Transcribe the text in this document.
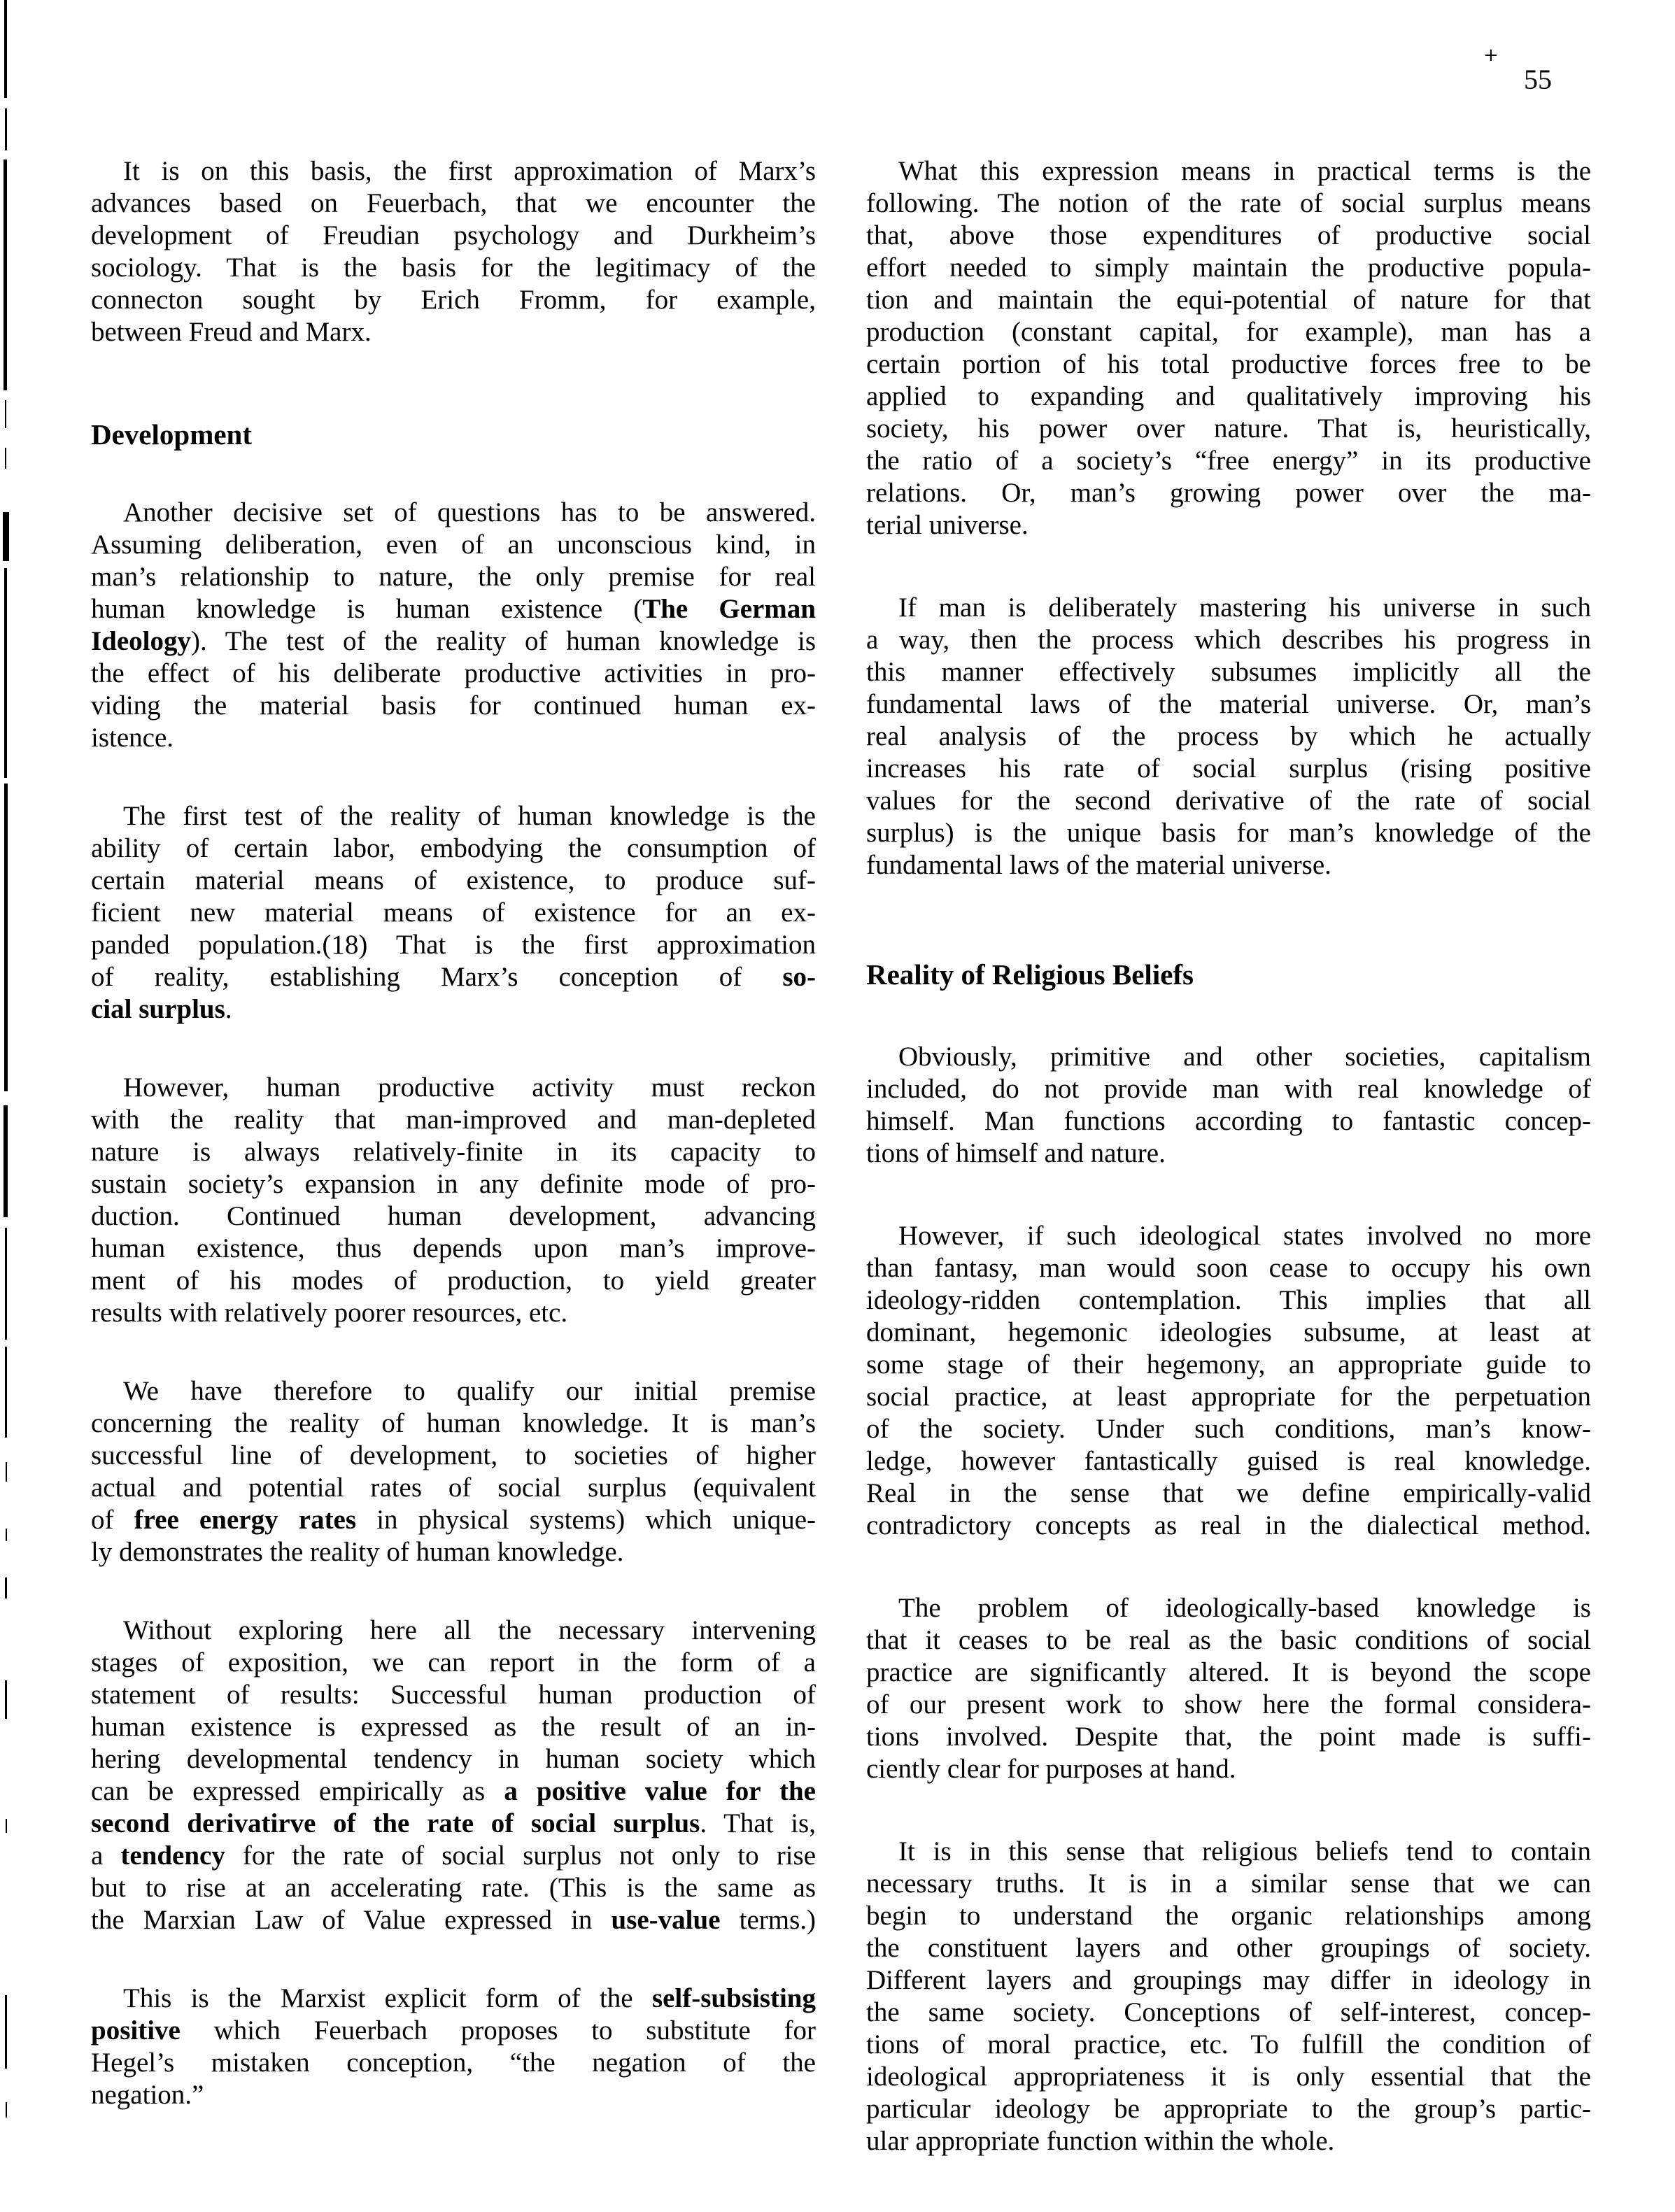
55
+
It is on this basis, the first approximation of Marx’s
advances based on Feuerbach, that we encounter the
development of Freudian psychology and Durkheim’s
sociology. That is the basis for the legitimacy of the
connecton sought by Erich Fromm, for example,
between Freud and Marx.
Development
Another decisive set of questions has to be answered.
Assuming deliberation, even of an unconscious kind, in
man’s relationship to nature, the only premise for real
human knowledge is human existence (The German
Ideology). The test of the reality of human knowledge is
the effect of his deliberate productive activities in pro-
viding the material basis for continued human ex-
istence.
The first test of the reality of human knowledge is the
ability of certain labor, embodying the consumption of
certain material means of existence, to produce suf-
ficient new material means of existence for an ex-
panded population.(18) That is the first approximation
of reality, establishing Marx’s conception of so-
cial surplus.
However, human productive activity must reckon
with the reality that man-improved and man-depleted
nature is always relatively-finite in its capacity to
sustain society’s expansion in any definite mode of pro-
duction. Continued human development, advancing
human existence, thus depends upon man’s improve-
ment of his modes of production, to yield greater
results with relatively poorer resources, etc.
We have therefore to qualify our initial premise
concerning the reality of human knowledge. It is man’s
successful line of development, to societies of higher
actual and potential rates of social surplus (equivalent
of free energy rates in physical systems) which unique-
ly demonstrates the reality of human knowledge.
Without exploring here all the necessary intervening
stages of exposition, we can report in the form of a
statement of results: Successful human production of
human existence is expressed as the result of an in-
hering developmental tendency in human society which
can be expressed empirically as a positive value for the
second derivatirve of the rate of social surplus. That is,
a tendency for the rate of social surplus not only to rise
but to rise at an accelerating rate. (This is the same as
the Marxian Law of Value expressed in use-value terms.)
This is the Marxist explicit form of the self-subsisting
positive which Feuerbach proposes to substitute for
Hegel’s mistaken conception, “the negation of the
negation.”
What this expression means in practical terms is the
following. The notion of the rate of social surplus means
that, above those expenditures of productive social
effort needed to simply maintain the productive popula-
tion and maintain the equi-potential of nature for that
production (constant capital, for example), man has a
certain portion of his total productive forces free to be
applied to expanding and qualitatively improving his
society, his power over nature. That is, heuristically,
the ratio of a society’s “free energy” in its productive
relations. Or, man’s growing power over the ma-
terial universe.
If man is deliberately mastering his universe in such
a way, then the process which describes his progress in
this manner effectively subsumes implicitly all the
fundamental laws of the material universe. Or, man’s
real analysis of the process by which he actually
increases his rate of social surplus (rising positive
values for the second derivative of the rate of social
surplus) is the unique basis for man’s knowledge of the
fundamental laws of the material universe.
Reality of Religious Beliefs
Obviously, primitive and other societies, capitalism
included, do not provide man with real knowledge of
himself. Man functions according to fantastic concep-
tions of himself and nature.
However, if such ideological states involved no more
than fantasy, man would soon cease to occupy his own
ideology-ridden contemplation. This implies that all
dominant, hegemonic ideologies subsume, at least at
some stage of their hegemony, an appropriate guide to
social practice, at least appropriate for the perpetuation
of the society. Under such conditions, man’s know-
ledge, however fantastically guised is real knowledge.
Real in the sense that we define empirically-valid
contradictory concepts as real in the dialectical method.
The problem of ideologically-based knowledge is
that it ceases to be real as the basic conditions of social
practice are significantly altered. It is beyond the scope
of our present work to show here the formal considera-
tions involved. Despite that, the point made is suffi-
ciently clear for purposes at hand.
It is in this sense that religious beliefs tend to contain
necessary truths. It is in a similar sense that we can
begin to understand the organic relationships among
the constituent layers and other groupings of society.
Different layers and groupings may differ in ideology in
the same society. Conceptions of self-interest, concep-
tions of moral practice, etc. To fulfill the condition of
ideological appropriateness it is only essential that the
particular ideology be appropriate to the group’s partic-
ular appropriate function within the whole.
